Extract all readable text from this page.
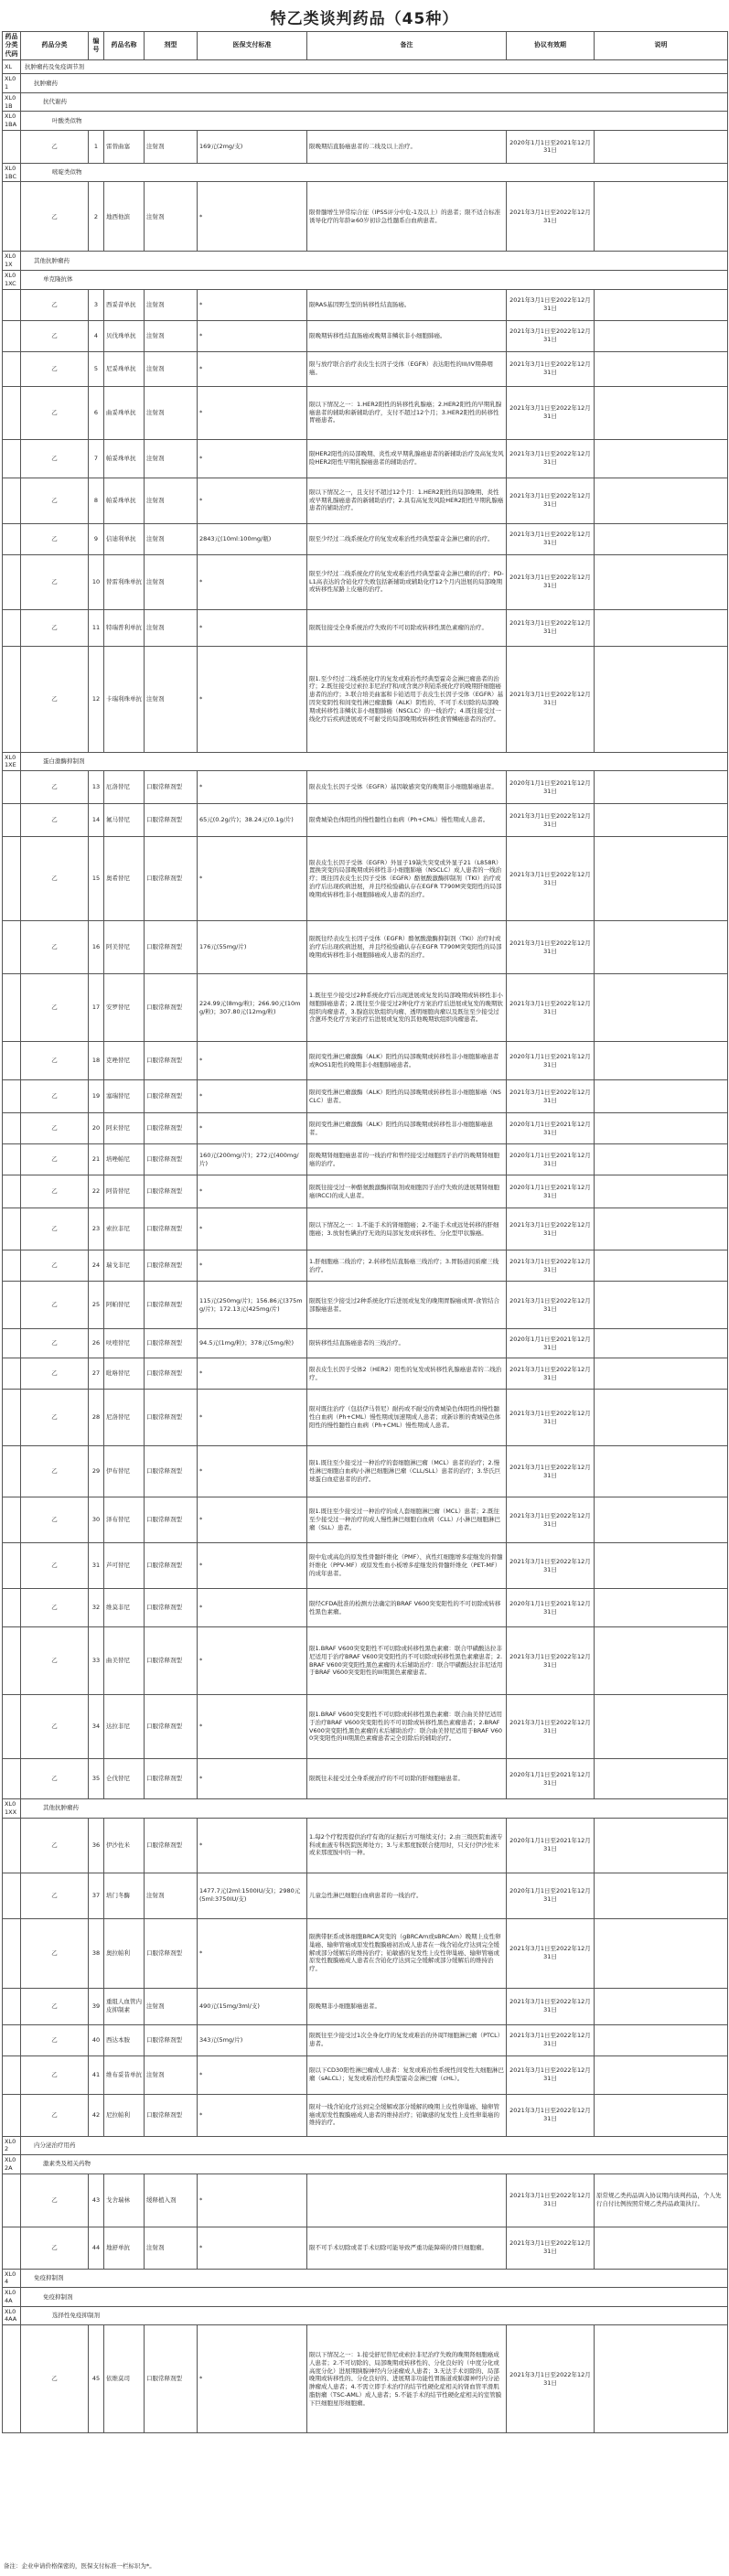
特乙类谈判药品（45种）
药品分类代码	药品分类	编号	药品名称	剂型	医保支付标准	备注	协议有效期	说明
XL	抗肿瘤药及免疫调节剂							
XL01	抗肿瘤药							
XL01B	抗代谢药							
XL01BA	叶酸类似物							
	乙	1	雷替曲塞	注射剂	169元(2mg/支)	限晚期结直肠癌患者的二线及以上治疗。	2020年1月1日至2021年12月31日	
XL01BC	嘧啶类似物							
	乙	2	地西他滨	注射剂	*	限骨髓增生异常综合征（IPSS评分中危-1及以上）的患者；限不适合标准诱导化疗的年龄≥60岁初诊急性髓系白血病患者。	2021年3月1日至2022年12月31日	
XL01X	其他抗肿瘤药							
XL01XC	单克隆抗体							
	乙	3	西妥昔单抗	注射剂	*	限RAS基因野生型的转移性结直肠癌。	2021年3月1日至2022年12月31日	
	乙	4	贝伐珠单抗	注射剂	*	限晚期转移性结直肠癌或晚期非鳞状非小细胞肺癌。	2021年3月1日至2022年12月31日	
	乙	5	尼妥珠单抗	注射剂	*	限与放疗联合治疗表皮生长因子受体（EGFR）表达阳性的III/IV期鼻咽癌。	2021年3月1日至2022年12月31日	
	乙	6	曲妥珠单抗	注射剂	*	限以下情况之一：1.HER2阳性的转移性乳腺癌；2.HER2阳性的早期乳腺癌患者的辅助和新辅助治疗，支付不超过12个月；3.HER2阳性的转移性胃癌患者。	2021年3月1日至2022年12月31日	
	乙	7	帕妥珠单抗	注射剂	*	限HER2阳性的局部晚期、炎性或早期乳腺癌患者的新辅助治疗及高复发风险HER2阳性早期乳腺癌患者的辅助治疗。	2021年3月1日至2022年12月31日	
	乙	8	帕妥珠单抗	注射剂	*	限以下情况之一，且支付不超过12个月：1.HER2阳性的局部晚期、炎性或早期乳腺癌患者的新辅助治疗；2.具有高复发风险HER2阳性早期乳腺癌患者的辅助治疗。	2021年3月1日至2022年12月31日	
	乙	9	信迪利单抗	注射剂	2843元(10ml:100mg/瓶)	限至少经过二线系统化疗的复发或难治性经典型霍奇金淋巴瘤的治疗。	2021年3月1日至2022年12月31日	
	乙	10	替雷利珠单抗	注射剂	*	限至少经过二线系统化疗的复发或难治性经典型霍奇金淋巴瘤的治疗；PD-L1高表达的含铂化疗失败包括新辅助或辅助化疗12个月内进展的局部晚期或转移性尿路上皮癌的治疗。	2021年3月1日至2022年12月31日	
	乙	11	特瑞普利单抗	注射剂	*	限既往接受全身系统治疗失败的不可切除或转移性黑色素瘤的治疗。	2021年3月1日至2022年12月31日	
	乙	12	卡瑞利珠单抗	注射剂	*	限1.至少经过二线系统化疗的复发或难治性经典型霍奇金淋巴瘤患者的治疗；2.既往接受过索拉非尼治疗和/或含奥沙利铂系统化疗的晚期肝细胞癌患者的治疗；3.联合培美曲塞和卡铂适用于表皮生长因子受体（EGFR）基因突变阴性和间变性淋巴瘤激酶（ALK）阴性的、不可手术切除的局部晚期或转移性非鳞状非小细胞肺癌（NSCLC）的一线治疗；4.既往接受过一线化疗后疾病进展或不可耐受的局部晚期或转移性食管鳞癌患者的治疗。	2021年3月1日至2022年12月31日	
XL01XE	蛋白激酶抑制剂							
	乙	13	厄洛替尼	口服常释剂型	*	限表皮生长因子受体（EGFR）基因敏感突变的晚期非小细胞肺癌患者。	2020年1月1日至2021年12月31日	
	乙	14	氟马替尼	口服常释剂型	65元(0.2g/片)；38.24元(0.1g/片)	限费城染色体阳性的慢性髓性白血病（Ph+CML）慢性期成人患者。	2021年3月1日至2022年12月31日	
	乙	15	奥希替尼	口服常释剂型	*	限表皮生长因子受体（EGFR）外显子19缺失突变或外显子21（L858R）置换突变的局部晚期或转移性非小细胞肺癌（NSCLC）成人患者的一线治疗；既往因表皮生长因子受体（EGFR）酪氨酸激酶抑制剂（TKI）治疗或治疗后出现疾病进展，并且经检验确认存在EGFR T790M突变阳性的局部晚期或转移性非小细胞肺癌成人患者的治疗。	2021年3月1日至2022年12月31日	
	乙	16	阿美替尼	口服常释剂型	176元(55mg/片)	限既往经表皮生长因子受体（EGFR）酪氨酸激酶抑制剂（TKI）治疗时或治疗后出现疾病进展，并且经检验确认存在EGFR T790M突变阳性的局部晚期或转移性非小细胞肺癌成人患者的治疗。	2021年3月1日至2022年12月31日	
	乙	17	安罗替尼	口服常释剂型	224.99元(8mg/粒)；266.90元(10mg/粒)；307.80元(12mg/粒)	1.既往至少接受过2种系统化疗后出现进展或复发的局部晚期或转移性非小细胞肺癌患者；2.既往至少接受过2种化疗方案治疗后进展或复发的晚期软组织肉瘤患者，3.腺泡状软组织肉瘤、透明细胞肉瘤以及既往至少接受过含蒽环类化疗方案治疗后进展或复发的其他晚期软组织肉瘤患者。	2021年3月1日至2022年12月31日	
	乙	18	克唑替尼	口服常释剂型	*	限间变性淋巴瘤激酶（ALK）阳性的局部晚期或转移性非小细胞肺癌患者或ROS1阳性的晚期非小细胞肺癌患者。	2020年1月1日至2021年12月31日	
	乙	19	塞瑞替尼	口服常释剂型	*	限间变性淋巴瘤激酶（ALK）阳性的局部晚期或转移性非小细胞肺癌（NSCLC）患者。	2021年3月1日至2022年12月31日	
	乙	20	阿来替尼	口服常释剂型	*	限间变性淋巴瘤激酶（ALK）阳性的局部晚期或转移性非小细胞肺癌患者。	2020年1月1日至2021年12月31日	
	乙	21	培唑帕尼	口服常释剂型	160元(200mg/片)；272元(400mg/片)	限晚期肾细胞癌患者的一线治疗和曾经接受过细胞因子治疗的晚期肾细胞癌的治疗。	2020年1月1日至2021年12月31日	
	乙	22	阿昔替尼	口服常释剂型	*	限既往接受过一种酪氨酸激酶抑制剂或细胞因子治疗失败的进展期肾细胞癌(RCC)的成人患者。	2020年1月1日至2021年12月31日	
	乙	23	索拉非尼	口服常释剂型	*	限以下情况之一：1.不能手术的肾细胞癌；2.不能手术或远处转移的肝细胞癌；3.放射性碘治疗无效的局部复发或转移性、分化型甲状腺癌。	2021年3月1日至2022年12月31日	
	乙	24	瑞戈非尼	口服常释剂型	*	1.肝细胞癌二线治疗；2.转移性结直肠癌三线治疗；3.胃肠道间质瘤三线治疗。	2021年3月1日至2022年12月31日	
	乙	25	阿帕替尼	口服常释剂型	115元(250mg/片)；156.86元(375mg/片)；172.13元(425mg/片)	限既往至少接受过2种系统化疗后进展或复发的晚期胃腺癌或胃-食管结合部腺癌患者。	2021年3月1日至2022年12月31日	
	乙	26	呋喹替尼	口服常释剂型	94.5元(1mg/粒)；378元(5mg/粒)	限转移性结直肠癌患者的三线治疗。	2020年1月1日至2021年12月31日	
	乙	27	吡咯替尼	口服常释剂型	*	限表皮生长因子受体2（HER2）阳性的复发或转移性乳腺癌患者的二线治疗。	2021年3月1日至2022年12月31日	
	乙	28	尼洛替尼	口服常释剂型	*	限对既往治疗（包括伊马替尼）耐药或不耐受的费城染色体阳性的慢性髓性白血病（Ph+CML）慢性期或加速期成人患者；或新诊断的费城染色体阳性的慢性髓性白血病（Ph+CML）慢性期成人患者。	2021年3月1日至2022年12月31日	
	乙	29	伊布替尼	口服常释剂型	*	限1.既往至少接受过一种治疗的套细胞淋巴瘤（MCL）患者的治疗；2.慢性淋巴细胞白血病/小淋巴细胞淋巴瘤（CLL/SLL）患者的治疗；3.华氏巨球蛋白血症患者的治疗。	2021年3月1日至2022年12月31日	
	乙	30	泽布替尼	口服常释剂型	*	限1.既往至少接受过一种治疗的成人套细胞淋巴瘤（MCL）患者；2.既往至少接受过一种治疗的成人慢性淋巴细胞白血病（CLL）/小淋巴细胞淋巴瘤（SLL）患者。	2021年3月1日至2022年12月31日	
	乙	31	芦可替尼	口服常释剂型	*	限中危或高危的原发性骨髓纤维化（PMF）、真性红细胞增多症继发的骨髓纤维化（PPV-MF）或原发性血小板增多症继发的骨髓纤维化（PET-MF）的成年患者。	2021年3月1日至2022年12月31日	
	乙	32	维莫非尼	口服常释剂型	*	限经CFDA批准的检测方法确定的BRAF V600突变阳性的不可切除或转移性黑色素瘤。	2020年1月1日至2021年12月31日	
	乙	33	曲美替尼	口服常释剂型	*	限1.BRAF V600突变阳性不可切除或转移性黑色素瘤：联合甲磺酸达拉非尼适用于治疗BRAF V600突变阳性的不可切除或转移性黑色素瘤患者；2.BRAF V600突变阳性黑色素瘤的术后辅助治疗：联合甲磺酸达拉非尼适用于BRAF V600突变阳性的III期黑色素瘤患者。	2021年3月1日至2022年12月31日	
	乙	34	达拉非尼	口服常释剂型	*	限1.BRAF V600突变阳性不可切除或转移性黑色素瘤：联合曲美替尼适用于治疗BRAF V600突变阳性的不可切除或转移性黑色素瘤患者；2.BRAF V600突变阳性黑色素瘤的术后辅助治疗：联合曲美替尼适用于BRAF V600突变阳性的III期黑色素瘤患者完全切除后的辅助治疗。	2021年3月1日至2022年12月31日	
	乙	35	仑伐替尼	口服常释剂型	*	限既往未接受过全身系统治疗的不可切除的肝细胞癌患者。	2020年1月1日至2021年12月31日	
XL01XX	其他抗肿瘤药							
	乙	36	伊沙佐米	口服常释剂型	*	1.每2个疗程需提供治疗有效的证据后方可继续支付；2.由三级医院血液专科或血液专科医院医师处方；3.与来那度胺联合使用时，只支付伊沙佐米或来那度胺中的一种。	2020年1月1日至2021年12月31日	
	乙	37	培门冬酶	注射剂	1477.7元(2ml:1500IU/支)；2980元(5ml:3750IU/支)	儿童急性淋巴细胞白血病患者的一线治疗。	2020年1月1日至2021年12月31日	
	乙	38	奥拉帕利	口服常释剂型	*	限携带胚系或体细胞BRCA突变的（gBRCAm或sBRCAm）晚期上皮性卵巢癌、输卵管癌或原发性腹膜癌初治成人患者在一线含铂化疗达到完全缓解或部分缓解后的维持治疗；铂敏感的复发性上皮性卵巢癌、输卵管癌或原发性腹膜癌成人患者在含铂化疗达到完全缓解或部分缓解后的维持治疗。	2021年3月1日至2022年12月31日	
	乙	39	重组人血管内皮抑制素	注射剂	490元(15mg/3ml/支)	限晚期非小细胞肺癌患者。	2021年3月1日至2022年12月31日	
	乙	40	西达本胺	口服常释剂型	343元(5mg/片)	限既往至少接受过1次全身化疗的复发或难治的外周T细胞淋巴瘤（PTCL）患者。	2021年3月1日至2022年12月31日	
	乙	41	维布妥昔单抗	注射剂	*	限以下CD30阳性淋巴瘤成人患者：复发或难治性系统性间变性大细胞淋巴瘤（sALCL）；复发或难治性经典型霍奇金淋巴瘤（cHL）。	2021年3月1日至2022年12月31日	
	乙	42	尼拉帕利	口服常释剂型	*	限对一线含铂化疗达到完全缓解或部分缓解的晚期上皮性卵巢癌、输卵管癌或原发性腹膜癌成人患者的维持治疗；铂敏感的复发性上皮性卵巢癌的维持治疗。	2021年3月1日至2022年12月31日	
XL02	内分泌治疗用药							
XL02A	激素类及相关药物							
	乙	43	戈舍瑞林	缓释植入剂	*		2021年3月1日至2022年12月31日	原常规乙类药品调入协议期内谈判药品，个人先行自付比例按照常规乙类药品政策执行。
	乙	44	地舒单抗	注射剂	*	限不可手术切除或者手术切除可能导致严重功能障碍的骨巨细胞瘤。	2021年3月1日至2022年12月31日	
XL04	免疫抑制剂							
XL04A	免疫抑制剂							
XL04AA	选择性免疫抑制剂							
	乙	45	依维莫司	口服常释剂型	*	限以下情况之一：1.接受舒尼替尼或索拉非尼治疗失败的晚期肾细胞癌成人患者；2.不可切除的、局部晚期或转移性的、分化良好的（中度分化或高度分化）进展期胰腺神经内分泌瘤成人患者；3.无法手术切除的、局部晚期或转移性的、分化良好的、进展期非功能性胃肠道或肺源神经内分泌肿瘤成人患者；4.不需立即手术治疗的结节性硬化症相关的肾血管平滑肌脂肪瘤（TSC-AML）成人患者；5.不能手术的结节性硬化症相关的室管膜下巨细胞星形细胞瘤。	2021年3月1日至2022年12月31日	
备注：企业申请价格保密的，医保支付标准一栏标识为*。
